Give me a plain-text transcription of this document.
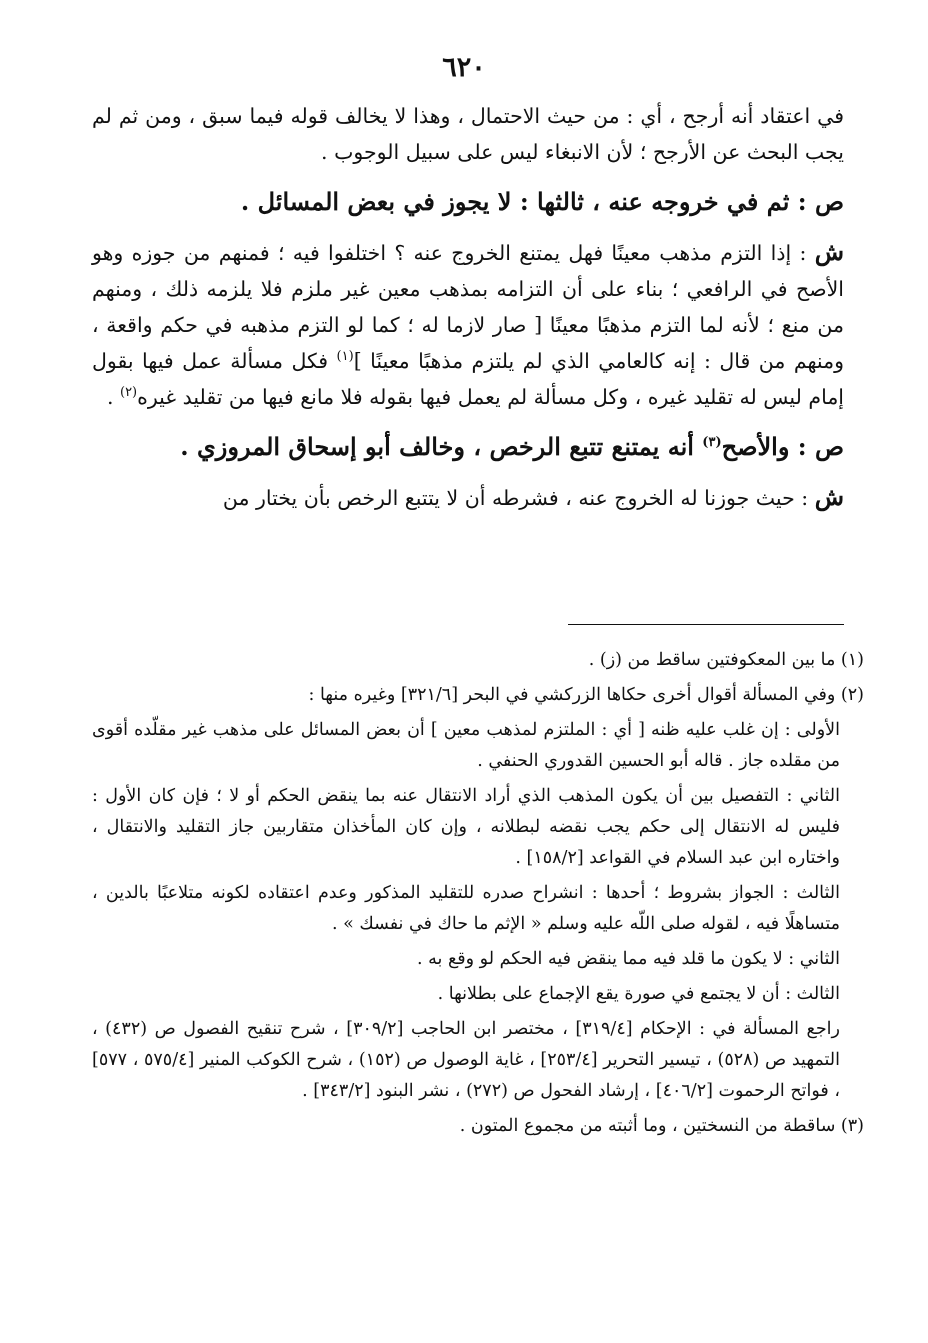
٦٢٠

في اعتقاد أنه أرجح ، أي : من حيث الاحتمال ، وهذا لا يخالف قوله فيما سبق ، ومن ثم لم يجب البحث عن الأرجح ؛ لأن الانبغاء ليس على سبيل الوجوب .

ص : ثم في خروجه عنه ، ثالثها : لا يجوز في بعض المسائل .

ش : إذا التزم مذهب معينًا فهل يمتنع الخروج عنه ؟ اختلفوا فيه ؛ فمنهم من جوزه وهو الأصح في الرافعي ؛ بناء على أن التزامه بمذهب معين غير ملزم فلا يلزمه ذلك ، ومنهم من منع ؛ لأنه لما التزم مذهبًا معينًا [ صار لازما له ؛ كما لو التزم مذهبه في حكم واقعة ، ومنهم من قال : إنه كالعامي الذي لم يلتزم مذهبًا معينًا ]$^{(١)}$ فكل مسألة عمل فيها بقول إمام ليس له تقليد غيره ، وكل مسألة لم يعمل فيها بقوله فلا مانع فيها من تقليد غيره$^{(٢)}$ .

ص : والأصح$^{(٣)}$ أنه يمتنع تتبع الرخص ، وخالف أبو إسحاق المروزي .

ش : حيث جوزنا له الخروج عنه ، فشرطه أن لا يتتبع الرخص بأن يختار من

(١) ما بين المعكوفتين ساقط من (ز) .

(٢) وفي المسألة أقوال أخرى حكاها الزركشي في البحر [٣٢١/٦] وغيره منها :

الأولى : إن غلب عليه ظنه [ أي : الملتزم لمذهب معين ] أن بعض المسائل على مذهب غير مقلّده أقوى من مقلده جاز . قاله أبو الحسين القدوري الحنفي .

الثاني : التفصيل بين أن يكون المذهب الذي أراد الانتقال عنه بما ينقض الحكم أو لا ؛ فإن كان الأول : فليس له الانتقال إلى حكم يجب نقضه لبطلانه ، وإن كان المأخذان متقاربين جاز التقليد والانتقال ، واختاره ابن عبد السلام في القواعد [١٥٨/٢] .

الثالث : الجواز بشروط ؛ أحدها : انشراح صدره للتقليد المذكور وعدم اعتقاده لكونه متلاعبًا بالدين ، متساهلًا فيه ، لقوله صلى اللّه عليه وسلم « الإثم ما حاك في نفسك » .

الثاني : لا يكون ما قلد فيه مما ينقض فيه الحكم لو وقع به .

الثالث : أن لا يجتمع في صورة يقع الإجماع على بطلانها .

راجع المسألة في : الإحكام [٣١٩/٤] ، مختصر ابن الحاجب [٣٠٩/٢] ، شرح تنقيح الفصول ص (٤٣٢) ، التمهيد ص (٥٢٨) ، تيسير التحرير [٢٥٣/٤] ، غاية الوصول ص (١٥٢) ، شرح الكوكب المنير [٥٧٥/٤ ، ٥٧٧] ، فواتح الرحموت [٤٠٦/٢] ، إرشاد الفحول ص (٢٧٢) ، نشر البنود [٣٤٣/٢] .

(٣) ساقطة من النسختين ، وما أثبته من مجموع المتون .
